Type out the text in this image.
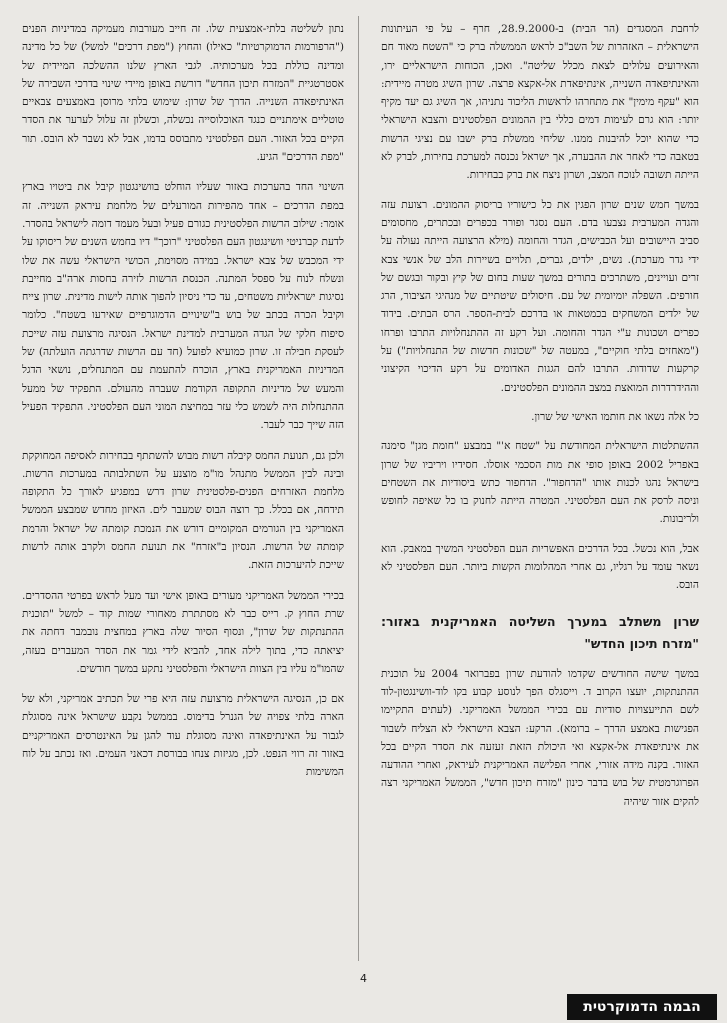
לרחבת המסגדים (הר הבית) ב-28.9.2000, חרף – על פי העיתונות הישראלית – האזהרות של השב"כ לראש הממשלה ברק כי "השטח מאוד חם והאירועים עלולים לצאת מכלל שליטה". ואכן, הכוחות הישראליים ירו, והאינתיפאדה השנייה, אינתיפאדת אל-אקצא פרצה. שרון השיג מטרה מיידית: הוא "עקף מימין" את מתחרהו לראשות הליכוד נתניהו, אך השיג גם יעד מקיף יותר: הוא גרם לעימות דמים כללי בין ההמונים הפלסטינים והצבא הישראלי כדי שהוא יוכל להיבנות ממנו. שליחי ממשלת ברק ישבו עם נציגי הרשות בטאבה כדי לאחר את ההבערה, אך ישראל נכנסה למערכת בחירות, לברק לא הייתה תשובה לנוכח המצב, ושרון ניצח את ברק בבחירות.

במשך חמש שנים שרון הפגין את כל כישוריו בריסוק ההמונים. רצועת עזה והגדה המערבית נצבעו בדם. העם נסגר ופורר בכפרים ובכתרים, מחסומים סביב היישובים ועל הכבישים, הגדר והחומה (מילא הרצועה הייתה נעולה על ידי גדר מערכת). נשים, ילדים, גברים, תלויים בשיירות הלב של אנשי צבא זרים ועויינים, משתרכים בתורים במשך שעות בחום של קיץ ובקור ובגשם של חורפים. השפלה יומיומית של עם. חיסולים שיטתיים של מנהיגי הציבור, הרג של ילדים המשחקים בכמטאות או בדרכם לבית-הספר. הרס הבתים. בידוד כפרים ושכונות ע"י הגדר והחומה. ועל רקע זה ההתנחלויות התרבו ופרחו ("מאחזים בלתי חוקיים", במעטה של "שכונות חדשות של התנחלויות") על קרקעות שדודות. התרבו להם הגגות האדומים על רקע הדיכוי הקיצוני וההידרדרות המואצת במצב ההמונים הפלסטינים.

כל אלה נשאו את חותמו האישי של שרון.

ההשתלטות הישראלית המחודשת על "שטח א'" במבצע "חומת מגן" סימנה באפריל 2002 באופן סופי את מות הסכמי אוסלו. חסידיו ויריביו של שרון בישראל נהגו לכנות אותו "הדחפור". הדחפור כתש ביסודיות את השטחים וניסה לרסק את העם הפלסטיני. המטרה הייתה לחנוק בו כל שאיפה לחופש ולריבונות.

אבל, הוא נכשל. בכל הדרכים האפשריות העם הפלסטיני המשיך במאבק. הוא נשאר עומד על רגליו, גם אחרי המהלומות הקשות ביותר. העם הפלסטיני לא הובס.

שרון משתלב במערך השליטה האמריקנית באזור: "מזרח תיכון החדש"

במשך שישה החודשים שקדמו להודעת שרון בפברואר 2004 על תוכנית ההתנתקות, יועצו הקרוב ד. וייסגלס הפך לנוסע קבוע בקו לוד-וושינגטון-לוד לשם התייעצויות סודיות עם בכירי הממשל האמריקני. (לעתים התקיימו הפגישות באמצע הדרך – ברומא). הרקע: הצבא הישראלי לא הצליח לשבור את אינתיפאדת אל-אקצא ואי היכולת הזאת זעזעה את הסדר הקיים בכל האזור. בקנה מידה אזורי, אחרי הפלישה האמריקנית לעיראק, ואחרי ההודעה הפרוגרמטית של בוש בדבר כינון "מזרח תיכון חדש", הממשל האמריקני רצה להקים אזור שיהיה

נתון לשליטה בלתי-אמצעית שלו. זה חייב מעורבות מעמיקה במדיניות הפנים ("הרפורמות הדמוקרטיות" כאילו) והחוץ ("מפת דרכים" למשל) של כל מדינה ומדינה כוללת בכל מערכותיה. לגבי הארץ שלנו ההשלכה המיידית של אסטרטגיית "המזרח תיכון החדש" דורשת באופן מיידי שינוי בדרכי השבירה של האינתיפאדה השנייה. הדרך של שרון: שימוש בלתי מרוסן באמצעים צבאיים טוטליים אימתניים כנגד האוכלוסייה נכשלה, וכשלון זה עלול לערער את הסדר הקיים בכל האזור. העם הפלסטיני מתבוסס בדמו, אבל לא נשבר לא הובס. תור "מפת הדרכים" הגיע.

השינוי החד בהערכות באזור שעליו הוחלט בוושינגטון קיבל את ביטויו בארץ במפת הדרכים – אחד מהפירות המורעלים של מלחמת עיראק השנייה. זה אומר: שילוב הרשות הפלסטינית כגורם פעיל ובעל מעמד דומה לישראל בהסדר. לדעת קברניטי וושינגטון העם הפלסטיני "רוכך" דיו בחמש השנים של ריסוקו על ידי המכבש של צבא ישראל. במידה מסוימת, הכושי הישראלי עשה את שלו ונשלח לנוח על ספסל המתנה. הכנסת הרשות לזירה בחסות ארה"ב מחייבת נסיגות ישראליות משטחים, עד כדי ניסיון להפוך אותה לישות מדינית. שרון צייח וקיבל הכרה בכתב של בוש ב"שינויים הדמוגרפיים שאירעו בשטח". כלומר סיפוח חלקי של הגדה המערבית למדינת ישראל. הנסיגה מרצועת עזה שייכת לעסקת חבילה זו. שרון כמועיא לפועל (חד עם הרשות שדרגתה הועלתה) של המדיניות האמריקנית בארץ, הוכרח להתעמת עם המתנחלים, נושאי הדגל והמעש של מדיניות התקופה הקודמת שעברה מהעולם. התפקיד של ממעל ההתנחלות היה לשמש כלי עזר במחיצת המוני העם הפלסטיני. התפקיד הפעיל הזה שייך כבר לעבר.

ולכן גם, תנועת החמס קיבלה רשות מבוש להשתתף בבחירות לאסיפה המחוקקת ובינה לבין הממשל מתנהל מו"מ מוצנע על השתלבותה במערכות הרשות. מלחמת האזרחים הפנים-פלסטינית שרון דרש במפגיע לאורך כל התקופה תידחה, אם בכלל. כך רוצה הבוס שמעבר לים. האיזון מחדש שמבצע הממשל האמריקני בין הגורמים המקומיים דורש את הנמכת קומתה של ישראל והרמת קומתה של הרשות. הנסיון ב"אזרח" את תנועת החמס ולקרב אותה לרשות שייכת להיערכות הזאת.

בכירי הממשל האמריקני מעורים באופן אישי ועד מעל לראש בפרטי ההסדרים. שרת החוץ ק. רייס כבר לא מסתתרת מאחורי שמות קוד – למשל "תוכנית ההתנתקות של שרון", ונסוף הסיור שלה בארץ במחצית נובמבר דחתה את יציאתה כדי, בתוך לילה אחד, להביא לידי גמר את הסדר המעברים בעזה, שהמו"מ עליו בין הצוות הישראלי והפלסטיני נתקע במשך חודשים.

אם כן, הנסיגה הישראלית מרצועת עזה היא פרי של תכתיב אמריקני, ולא של הארה בלתי צפויה של הגנרל בדימוס. בממשל נקבע שישראל אינה מסוגלת לגבור על האינתיפאדה ואינה מסוגלת עוד להגן על האינטרסים האמריקניים באזור זה רווי הנפט. לכן, מגיזות צנחו בבורסת דכאני העמים. ואז נכתב על לוח המשימות

4
הבמה הדמוקרטית
